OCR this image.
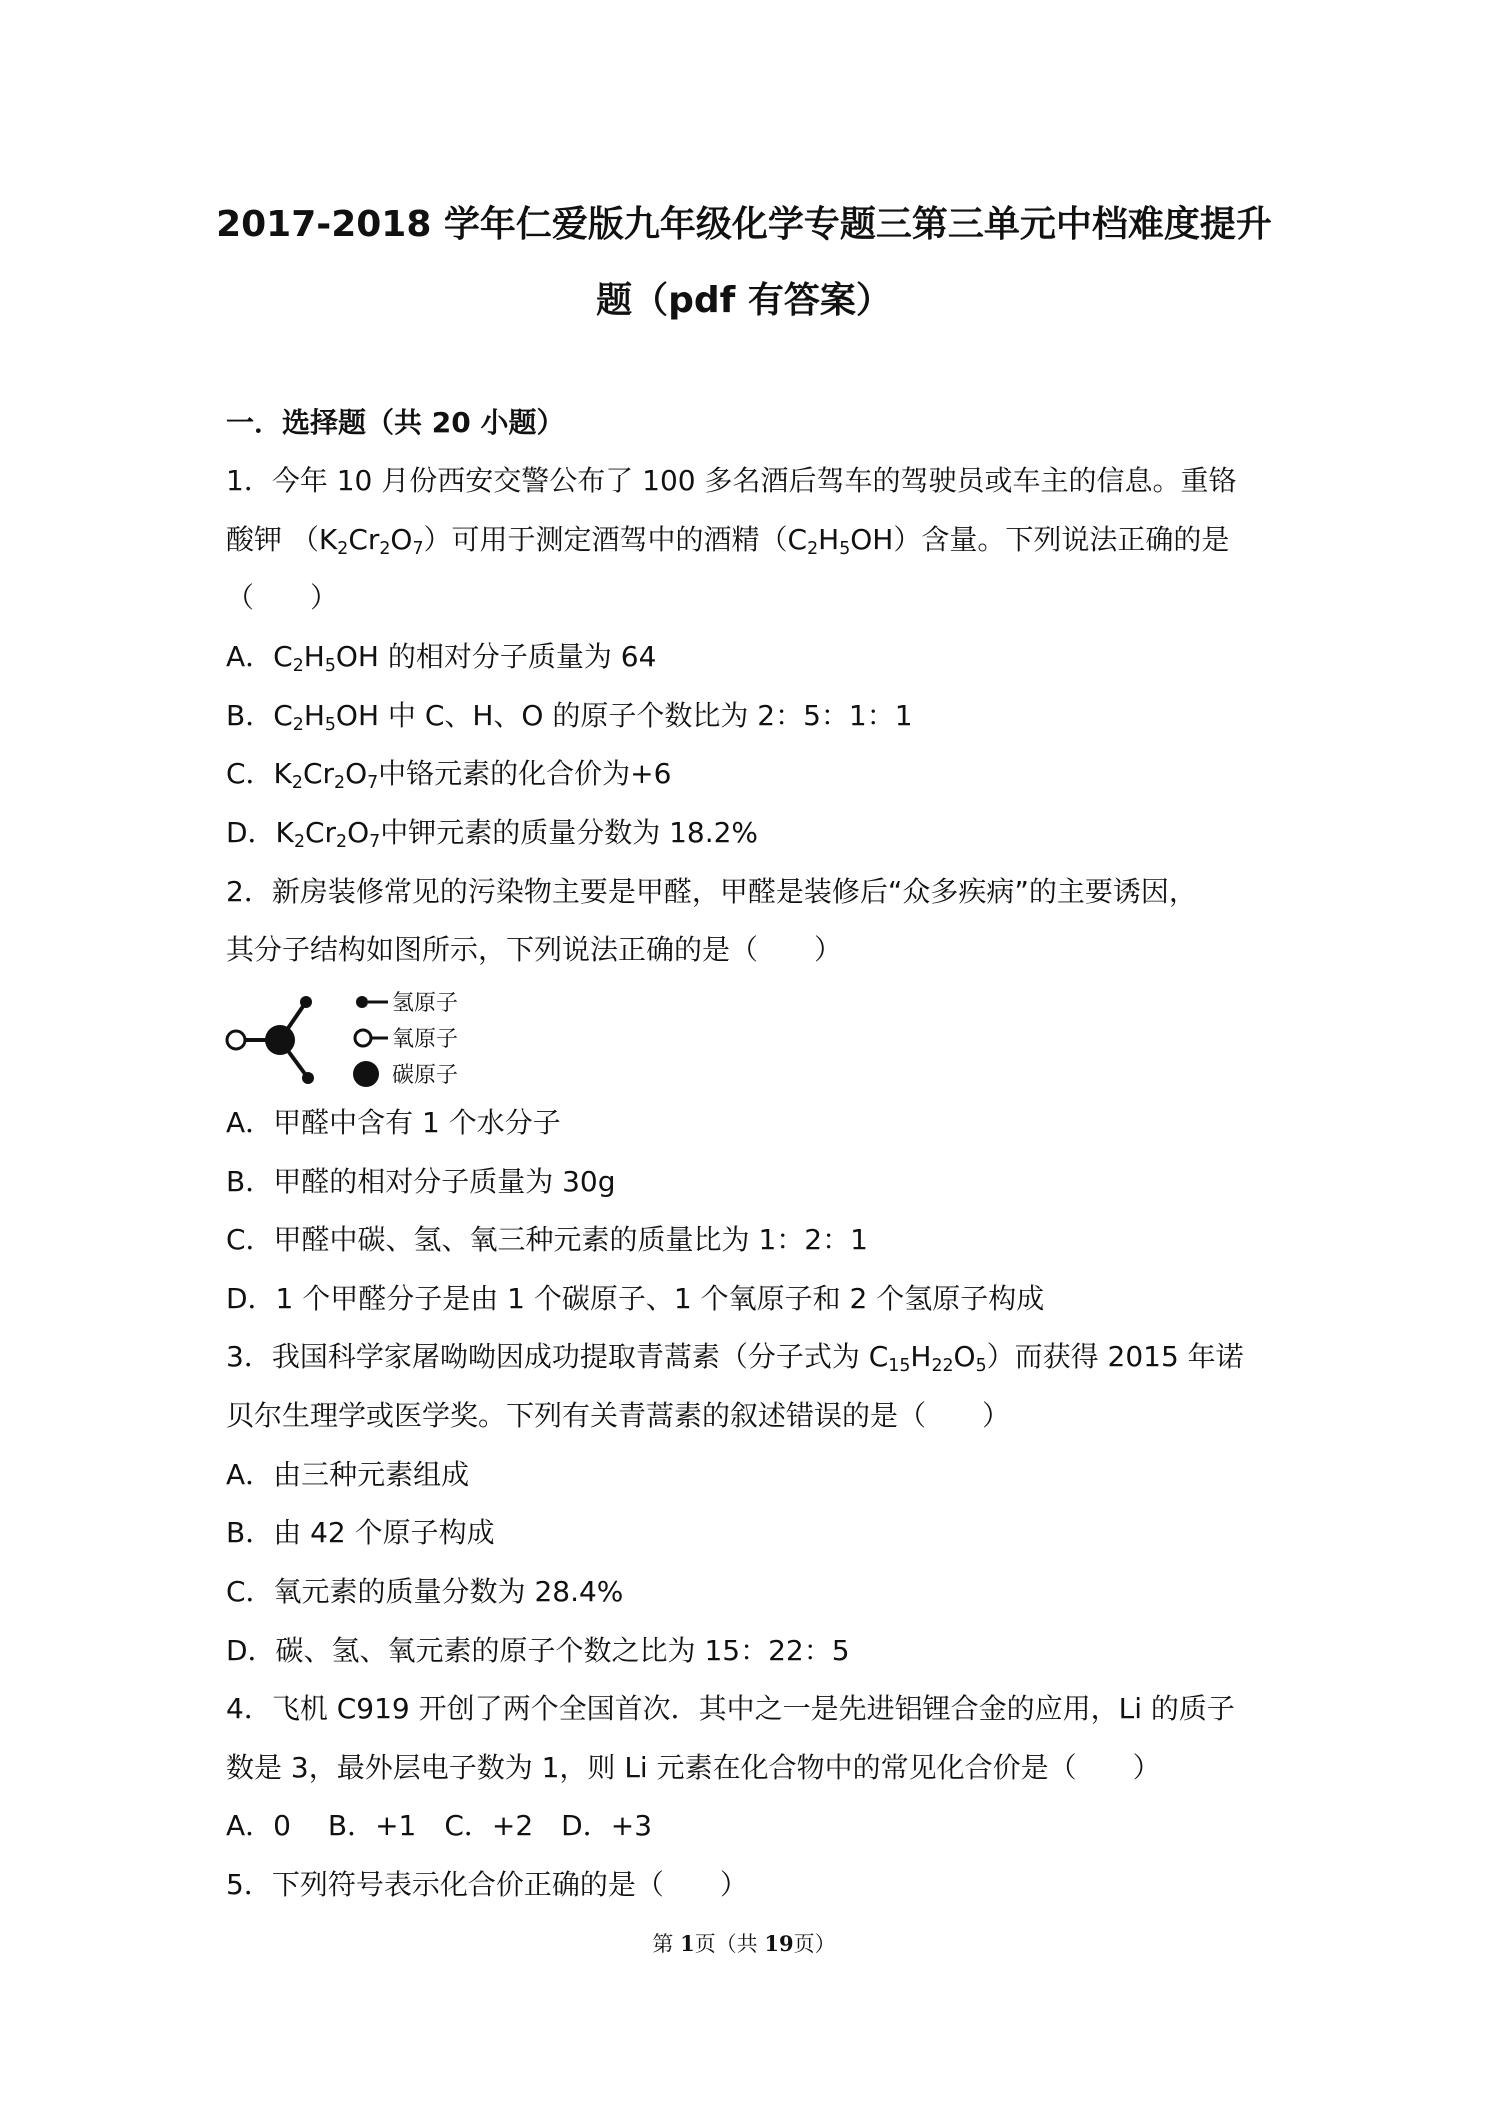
2017-2018 学年仁爱版九年级化学专题三第三单元中档难度提升
题（pdf 有答案）
一．选择题（共 20 小题）
1．今年 10 月份西安交警公布了 100 多名酒后驾车的驾驶员或车主的信息。重铬
酸钾 $(K_2Cr_2O_7)$可用于测定酒驾中的酒精$(C_2H_5OH)$含量。下列说法正确的是
（　　）
A．$C_2H_5OH$ 的相对分子质量为 64
B．$C_2H_5OH$ 中 C、H、O 的原子个数比为 2：5：1：1
C．$K_2Cr_2O_7$中铬元素的化合价为+6
D．$K_2Cr_2O_7$中钾元素的质量分数为 18.2%
2．新房装修常见的污染物主要是甲醛，甲醛是装修后“众多疾病”的主要诱因，
其分子结构如图所示，下列说法正确的是（　　）
氢原子
氧原子
碳原子
A．甲醛中含有 1 个水分子
B．甲醛的相对分子质量为 30g
C．甲醛中碳、氢、氧三种元素的质量比为 1：2：1
D．1 个甲醛分子是由 1 个碳原子、1 个氧原子和 2 个氢原子构成
3．我国科学家屠呦呦因成功提取青蒿素（分子式为 $C_{15}H_{22}O_5$）而获得 2015 年诺
贝尔生理学或医学奖。下列有关青蒿素的叙述错误的是（　　）
A．由三种元素组成
B．由 42 个原子构成
C．氧元素的质量分数为 28.4%
D．碳、氢、氧元素的原子个数之比为 15：22：5
4．飞机 C919 开创了两个全国首次．其中之一是先进铝锂合金的应用，Li 的质子
数是 3，最外层电子数为 1，则 Li 元素在化合物中的常见化合价是（　　）
A．0　 B．+1　C．+2　D．+3
5．下列符号表示化合价正确的是（　　）
第 1页（共 19页）
